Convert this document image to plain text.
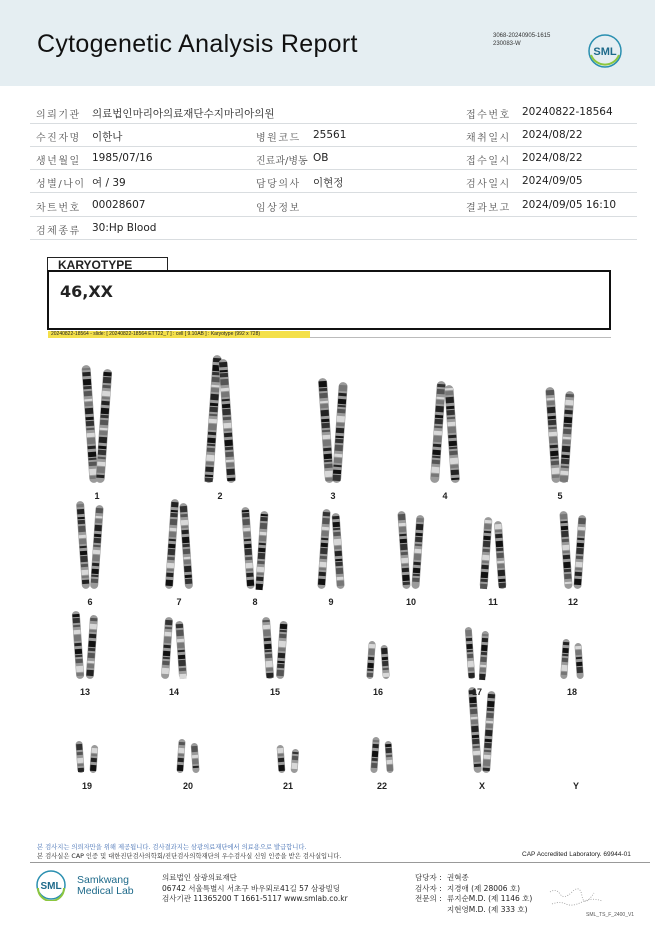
Cytogenetic Analysis Report	3068-20240905-1615
230083-W
SML
의뢰기관 의료법인마리아의료재단수지마리아의원	접수번호 20240822-18564
수진자명 이한나	병원코드 25561	채취일시 2024/08/22
생년월일 1985/07/16	진료과/병동 OB	접수일시 2024/08/22
성별/나이 여 / 39	담당의사 이현정	검사일시 2024/09/05
차트번호 00028607	임상정보	결과보고 2024/09/05 16:10
검체종류 30:Hp Blood
KARYOTYPE
46,XX
20240822-18564 - slide: [ 20240822-18564 ETT22_7 ] : cell [ 9.10AB ] : Karyotype (992 x 728)
1	2	3	4	5
6	7	8	9	10	11	12
13	14	15	16	17	18
19	20	21	22	X	Y
본 검사지는 의뢰자만을 위해 제공됩니다. 검사결과지는 삼광의료재단에서 의료용으로 발급합니다.
본 검사실은 CAP 인증 및 대한진단검사의학회/진단검사의학재단의 우수검사실 신임 인증을 받은 검사실입니다.	CAP Accredited Laboratory. 69944-01
SML
Samkwang
Medical Lab
의료법인 삼광의료재단
06742 서울특별시 서초구 바우뫼로41길 57 삼광빌딩
검사기관 11365200 T 1661-5117 www.smlab.co.kr
담당자 : 권혁종
검사자 : 지경애 (제 28006 호)
전문의 : 류지순M.D. (제 1146 호)
지현영M.D. (제 333 호)
SML_TS_F_2400_V1
